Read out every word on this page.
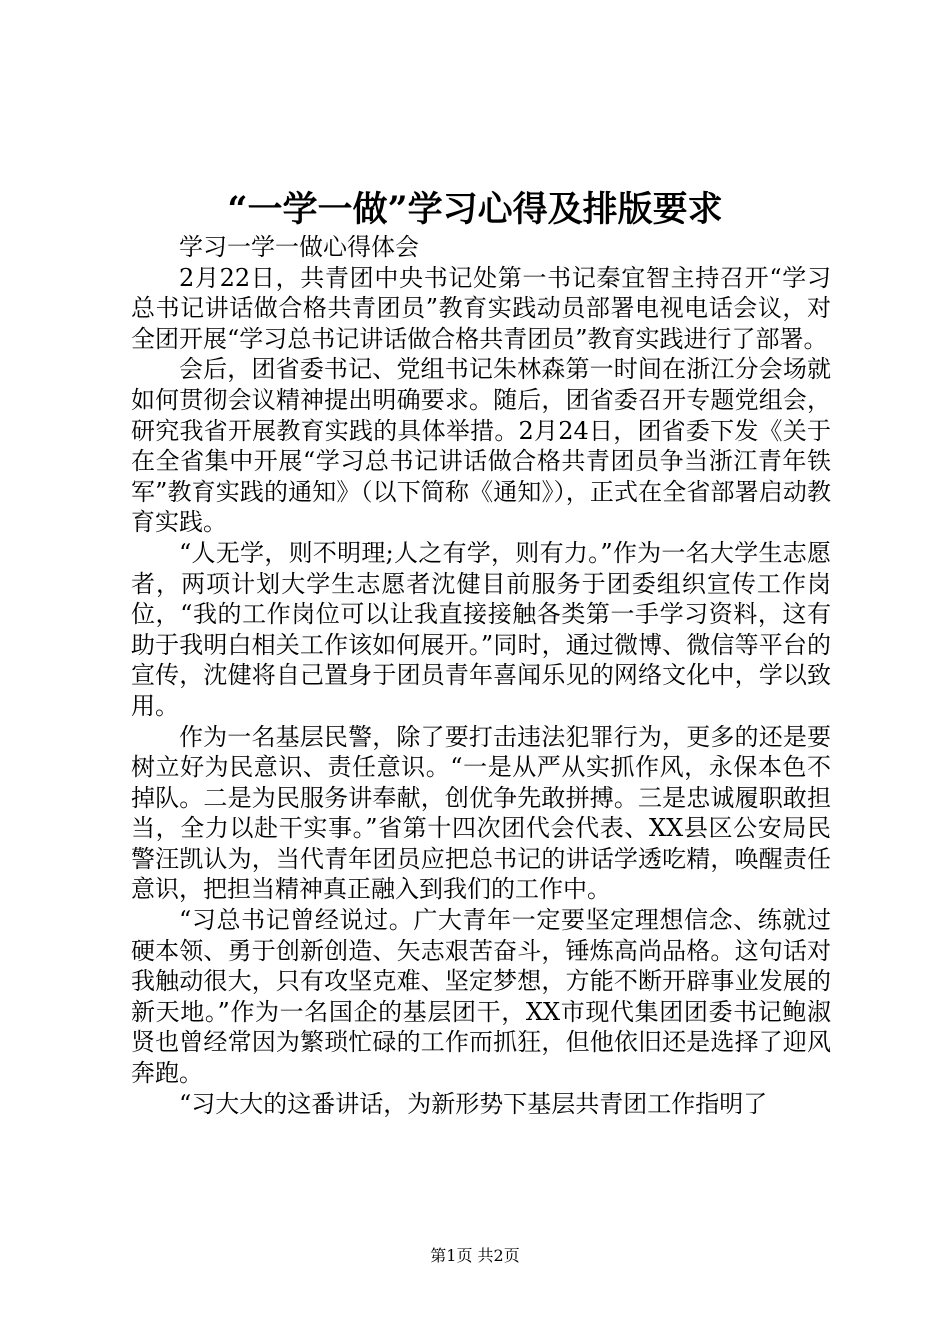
“一学一做”学习心得及排版要求

学习一学一做心得体会

2月22日，共青团中央书记处第一书记秦宜智主持召开“学习总书记讲话做合格共青团员”教育实践动员部署电视电话会议，对全团开展“学习总书记讲话做合格共青团员”教育实践进行了部署。

会后，团省委书记、党组书记朱林森第一时间在浙江分会场就如何贯彻会议精神提出明确要求。随后，团省委召开专题党组会，研究我省开展教育实践的具体举措。2月24日，团省委下发《关于在全省集中开展“学习总书记讲话做合格共青团员争当浙江青年铁军”教育实践的通知》（以下简称《通知》），正式在全省部署启动教育实践。

“人无学，则不明理;人之有学，则有力。”作为一名大学生志愿者，两项计划大学生志愿者沈健目前服务于团委组织宣传工作岗位，“我的工作岗位可以让我直接接触各类第一手学习资料，这有助于我明白相关工作该如何展开。”同时，通过微博、微信等平台的宣传，沈健将自己置身于团员青年喜闻乐见的网络文化中，学以致用。

作为一名基层民警，除了要打击违法犯罪行为，更多的还是要树立好为民意识、责任意识。“一是从严从实抓作风，永保本色不掉队。二是为民服务讲奉献，创优争先敢拼搏。三是忠诚履职敢担当，全力以赴干实事。”省第十四次团代会代表、XX县区公安局民警汪凯认为，当代青年团员应把总书记的讲话学透吃精，唤醒责任意识，把担当精神真正融入到我们的工作中。

“习总书记曾经说过。广大青年一定要坚定理想信念、练就过硬本领、勇于创新创造、矢志艰苦奋斗，锤炼高尚品格。这句话对我触动很大，只有攻坚克难、坚定梦想，方能不断开辟事业发展的新天地。”作为一名国企的基层团干，XX市现代集团团委书记鲍淑贤也曾经常因为繁琐忙碌的工作而抓狂，但他依旧还是选择了迎风奔跑。

“习大大的这番讲话，为新形势下基层共青团工作指明了

第1页 共2页
